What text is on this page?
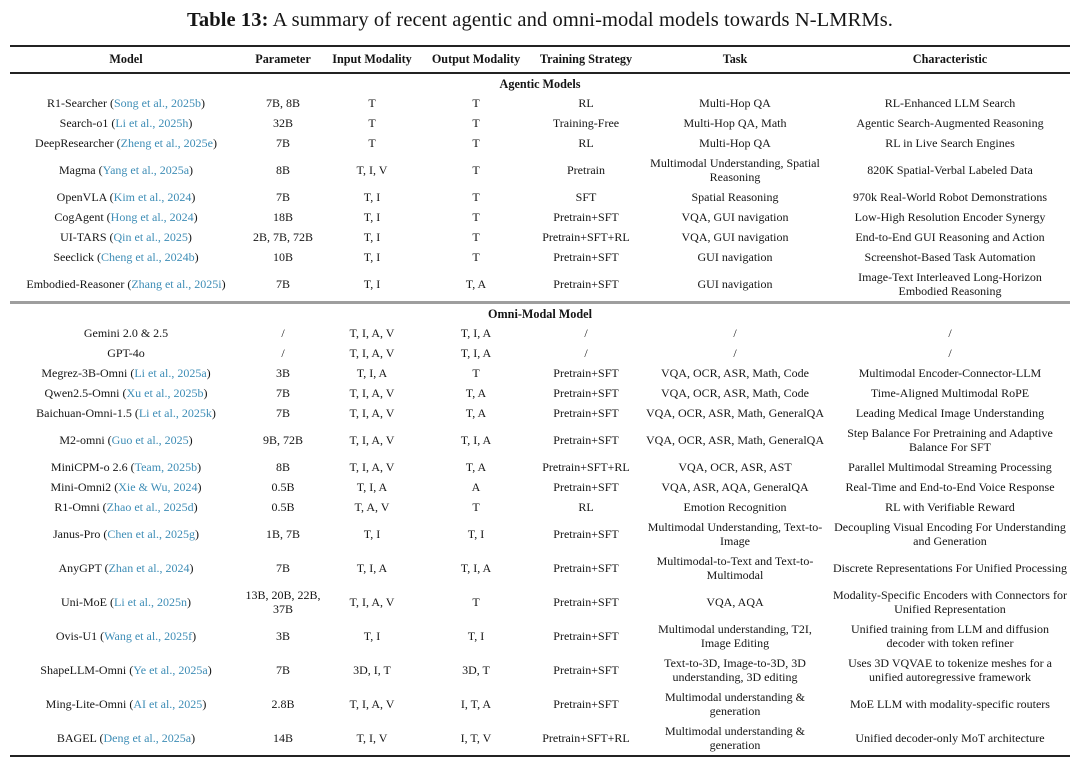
Table 13: A summary of recent agentic and omni-modal models towards N-LMRMs.
Model	Parameter	Input Modality	Output Modality	Training Strategy	Task	Characteristic
Agentic Models						
R1-Searcher (Song et al., 2025b)	7B, 8B	T	T	RL	Multi-Hop QA	RL-Enhanced LLM Search
Search-o1 (Li et al., 2025h)	32B	T	T	Training-Free	Multi-Hop QA, Math	Agentic Search-Augmented Reasoning
DeepResearcher (Zheng et al., 2025e)	7B	T	T	RL	Multi-Hop QA	RL in Live Search Engines
Magma (Yang et al., 2025a)	8B	T, I, V	T	Pretrain	Multimodal Understanding, Spatial Reasoning	820K Spatial-Verbal Labeled Data
OpenVLA (Kim et al., 2024)	7B	T, I	T	SFT	Spatial Reasoning	970k Real-World Robot Demonstrations
CogAgent (Hong et al., 2024)	18B	T, I	T	Pretrain+SFT	VQA, GUI navigation	Low-High Resolution Encoder Synergy
UI-TARS (Qin et al., 2025)	2B, 7B, 72B	T, I	T	Pretrain+SFT+RL	VQA, GUI navigation	End-to-End GUI Reasoning and Action
Seeclick (Cheng et al., 2024b)	10B	T, I	T	Pretrain+SFT	GUI navigation	Screenshot-Based Task Automation
Embodied-Reasoner (Zhang et al., 2025i)	7B	T, I	T, A	Pretrain+SFT	GUI navigation	Image-Text Interleaved Long-Horizon Embodied Reasoning
Omni-Modal Model						
Gemini 2.0 & 2.5	/	T, I, A, V	T, I, A	/	/	/
GPT-4o	/	T, I, A, V	T, I, A	/	/	/
Megrez-3B-Omni (Li et al., 2025a)	3B	T, I, A	T	Pretrain+SFT	VQA, OCR, ASR, Math, Code	Multimodal Encoder-Connector-LLM
Qwen2.5-Omni (Xu et al., 2025b)	7B	T, I, A, V	T, A	Pretrain+SFT	VQA, OCR, ASR, Math, Code	Time-Aligned Multimodal RoPE
Baichuan-Omni-1.5 (Li et al., 2025k)	7B	T, I, A, V	T, A	Pretrain+SFT	VQA, OCR, ASR, Math, GeneralQA	Leading Medical Image Understanding
M2-omni (Guo et al., 2025)	9B, 72B	T, I, A, V	T, I, A	Pretrain+SFT	VQA, OCR, ASR, Math, GeneralQA	Step Balance For Pretraining and Adaptive Balance For SFT
MiniCPM-o 2.6 (Team, 2025b)	8B	T, I, A, V	T, A	Pretrain+SFT+RL	VQA, OCR, ASR, AST	Parallel Multimodal Streaming Processing
Mini-Omni2 (Xie & Wu, 2024)	0.5B	T, I, A	A	Pretrain+SFT	VQA, ASR, AQA, GeneralQA	Real-Time and End-to-End Voice Response
R1-Omni (Zhao et al., 2025d)	0.5B	T, A, V	T	RL	Emotion Recognition	RL with Verifiable Reward
Janus-Pro (Chen et al., 2025g)	1B, 7B	T, I	T, I	Pretrain+SFT	Multimodal Understanding, Text-to-Image	Decoupling Visual Encoding For Understanding and Generation
AnyGPT (Zhan et al., 2024)	7B	T, I, A	T, I, A	Pretrain+SFT	Multimodal-to-Text and Text-to-Multimodal	Discrete Representations For Unified Processing
Uni-MoE (Li et al., 2025n)	13B, 20B, 22B, 37B	T, I, A, V	T	Pretrain+SFT	VQA, AQA	Modality-Specific Encoders with Connectors for Unified Representation
Ovis-U1 (Wang et al., 2025f)	3B	T, I	T, I	Pretrain+SFT	Multimodal understanding, T2I, Image Editing	Unified training from LLM and diffusion decoder with token refiner
ShapeLLM-Omni (Ye et al., 2025a)	7B	3D, I, T	3D, T	Pretrain+SFT	Text-to-3D, Image-to-3D, 3D understanding, 3D editing	Uses 3D VQVAE to tokenize meshes for a unified autoregressive framework
Ming-Lite-Omni (AI et al., 2025)	2.8B	T, I, A, V	I, T, A	Pretrain+SFT	Multimodal understanding & generation	MoE LLM with modality-specific routers
BAGEL (Deng et al., 2025a)	14B	T, I, V	I, T, V	Pretrain+SFT+RL	Multimodal understanding & generation	Unified decoder-only MoT architecture
